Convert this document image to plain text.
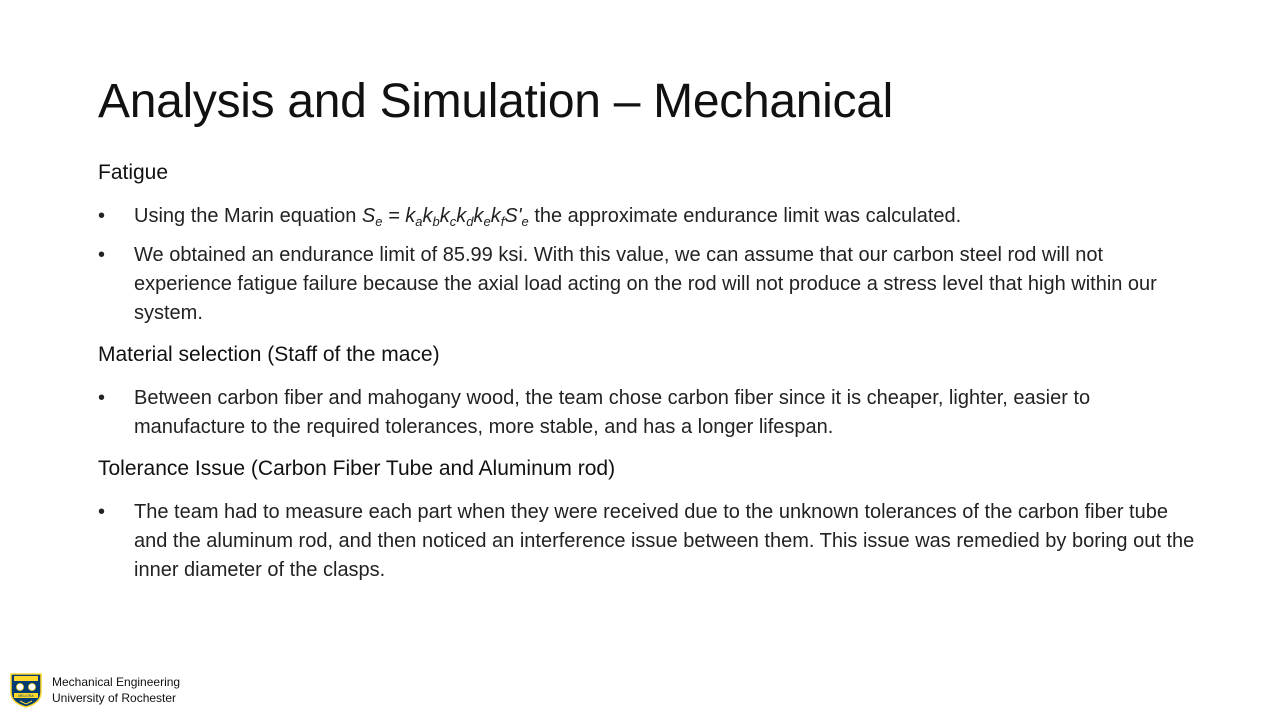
Analysis and Simulation – Mechanical
Fatigue
• Using the Marin equation $S_e = k_ak_bk_ck_dk_ek_fS'_e$ the approximate endurance limit was calculated.
• We obtained an endurance limit of 85.99 ksi. With this value, we can assume that our carbon steel rod will not experience fatigue failure because the axial load acting on the rod will not produce a stress level that high within our system.
Material selection (Staff of the mace)
• Between carbon fiber and mahogany wood, the team chose carbon fiber since it is cheaper, lighter, easier to manufacture to the required tolerances, more stable, and has a longer lifespan.
Tolerance Issue (Carbon Fiber Tube and Aluminum rod)
• The team had to measure each part when they were received due to the unknown tolerances of the carbon fiber tube and the aluminum rod, and then noticed an interference issue between them. This issue was remedied by boring out the inner diameter of the clasps.
MELIORA
Mechanical Engineering
University of Rochester
